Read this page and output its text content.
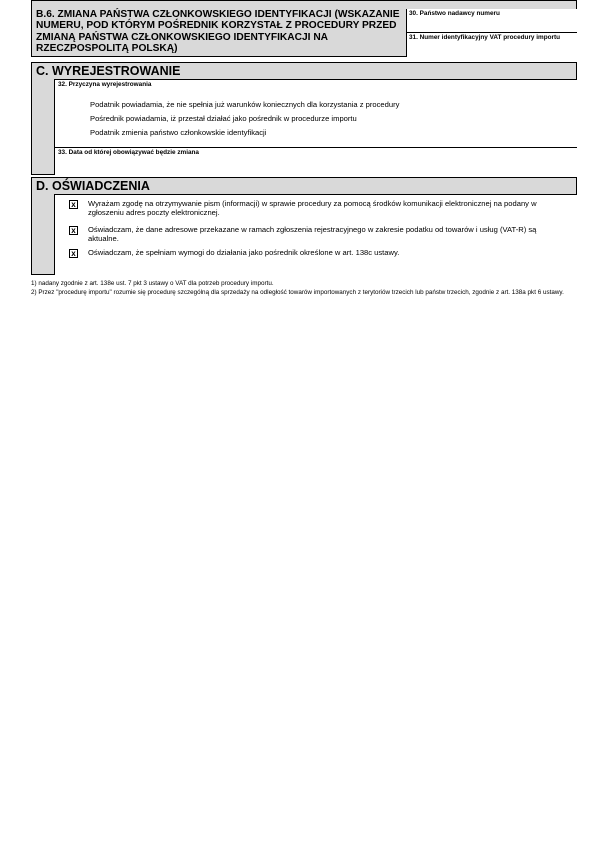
B.6. ZMIANA PAŃSTWA CZŁONKOWSKIEGO IDENTYFIKACJI (WSKAZANIE NUMERU, POD KTÓRYM POŚREDNIK KORZYSTAŁ Z PROCEDURY PRZED ZMIANĄ PAŃSTWA CZŁONKOWSKIEGO IDENTYFIKACJI NA RZECZPOSPOLITĄ POLSKĄ)
30. Państwo nadawcy numeru
31. Numer identyfikacyjny VAT procedury importu
C. WYREJESTROWANIE
32. Przyczyna wyrejestrowania
Podatnik powiadamia, że nie spełnia już warunków koniecznych dla korzystania z procedury
Pośrednik powiadamia, iż przestał działać jako pośrednik w procedurze importu
Podatnik zmienia państwo członkowskie identyfikacji
33. Data od której obowiązywać będzie zmiana
D. OŚWIADCZENIA
x	Wyrażam zgodę na otrzymywanie pism (informacji) w sprawie procedury za pomocą środków komunikacji elektronicznej na podany w zgłoszeniu adres poczty elektronicznej.
x	Oświadczam, że dane adresowe przekazane w ramach zgłoszenia rejestracyjnego w zakresie podatku od towarów i usług (VAT-R) są aktualne.
x	Oświadczam, że spełniam wymogi do działania jako pośrednik określone w art. 138c ustawy.

1) nadany zgodnie z art. 138e ust. 7 pkt 3 ustawy o VAT dla potrzeb procedury importu.

2) Przez "procedurę importu" rozumie się procedurę szczególną dla sprzedaży na odległość towarów importowanych z terytoriów trzecich lub państw trzecich, zgodnie z art. 138a pkt 6 ustawy.
